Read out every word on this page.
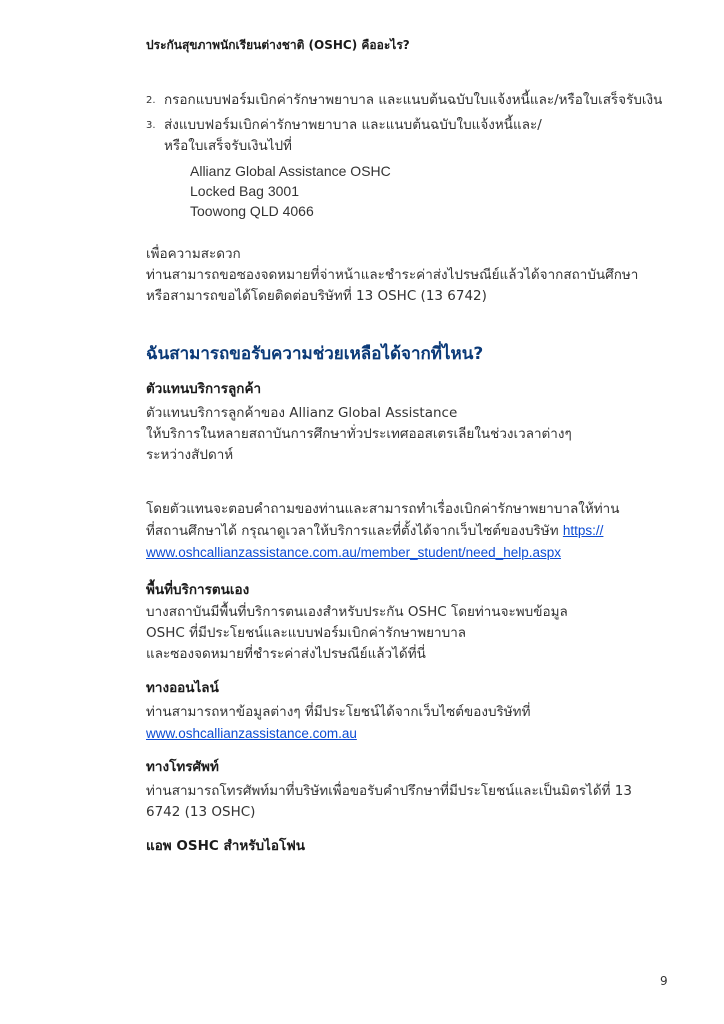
ประกันสุขภาพนักเรียนต่างชาติ (OSHC) คืออะไร?
2. กรอกแบบฟอร์มเบิกค่ารักษาพยาบาล และแนบต้นฉบับใบแจ้งหนี้และ/หรือใบเสร็จรับเงิน
3. ส่งแบบฟอร์มเบิกค่ารักษาพยาบาล และแนบต้นฉบับใบแจ้งหนี้และ/
หรือใบเสร็จรับเงินไปที่
Allianz Global Assistance OSHC
Locked Bag 3001
Toowong QLD 4066
เพื่อความสะดวก
ท่านสามารถขอซองจดหมายที่จ่าหน้าและชำระค่าส่งไปรษณีย์แล้วได้จากสถาบันศึกษา
หรือสามารถขอได้โดยติดต่อบริษัทที่ 13 OSHC (13 6742)
ฉันสามารถขอรับความช่วยเหลือได้จากที่ไหน?
ตัวแทนบริการลูกค้า
ตัวแทนบริการลูกค้าของ Allianz Global Assistance
ให้บริการในหลายสถาบันการศึกษาทั่วประเทศออสเตรเลียในช่วงเวลาต่างๆ
ระหว่างสัปดาห์
โดยตัวแทนจะตอบคำถามของท่านและสามารถทำเรื่องเบิกค่ารักษาพยาบาลให้ท่าน
ที่สถานศึกษาได้ กรุณาดูเวลาให้บริการและที่ตั้งได้จากเว็บไซต์ของบริษัท https://
www.oshcallianzassistance.com.au/member_student/need_help.aspx
พื้นที่บริการตนเอง
บางสถาบันมีพื้นที่บริการตนเองสำหรับประกัน OSHC โดยท่านจะพบข้อมูล
OSHC ที่มีประโยชน์และแบบฟอร์มเบิกค่ารักษาพยาบาล
และซองจดหมายที่ชำระค่าส่งไปรษณีย์แล้วได้ที่นี่
ทางออนไลน์
ท่านสามารถหาข้อมูลต่างๆ ที่มีประโยชน์ได้จากเว็บไซต์ของบริษัทที่
www.oshcallianzassistance.com.au
ทางโทรศัพท์
ท่านสามารถโทรศัพท์มาที่บริษัทเพื่อขอรับคำปรึกษาที่มีประโยชน์และเป็นมิตรได้ที่ 13
6742 (13 OSHC)
แอพ OSHC สำหรับไอโฟน
9
